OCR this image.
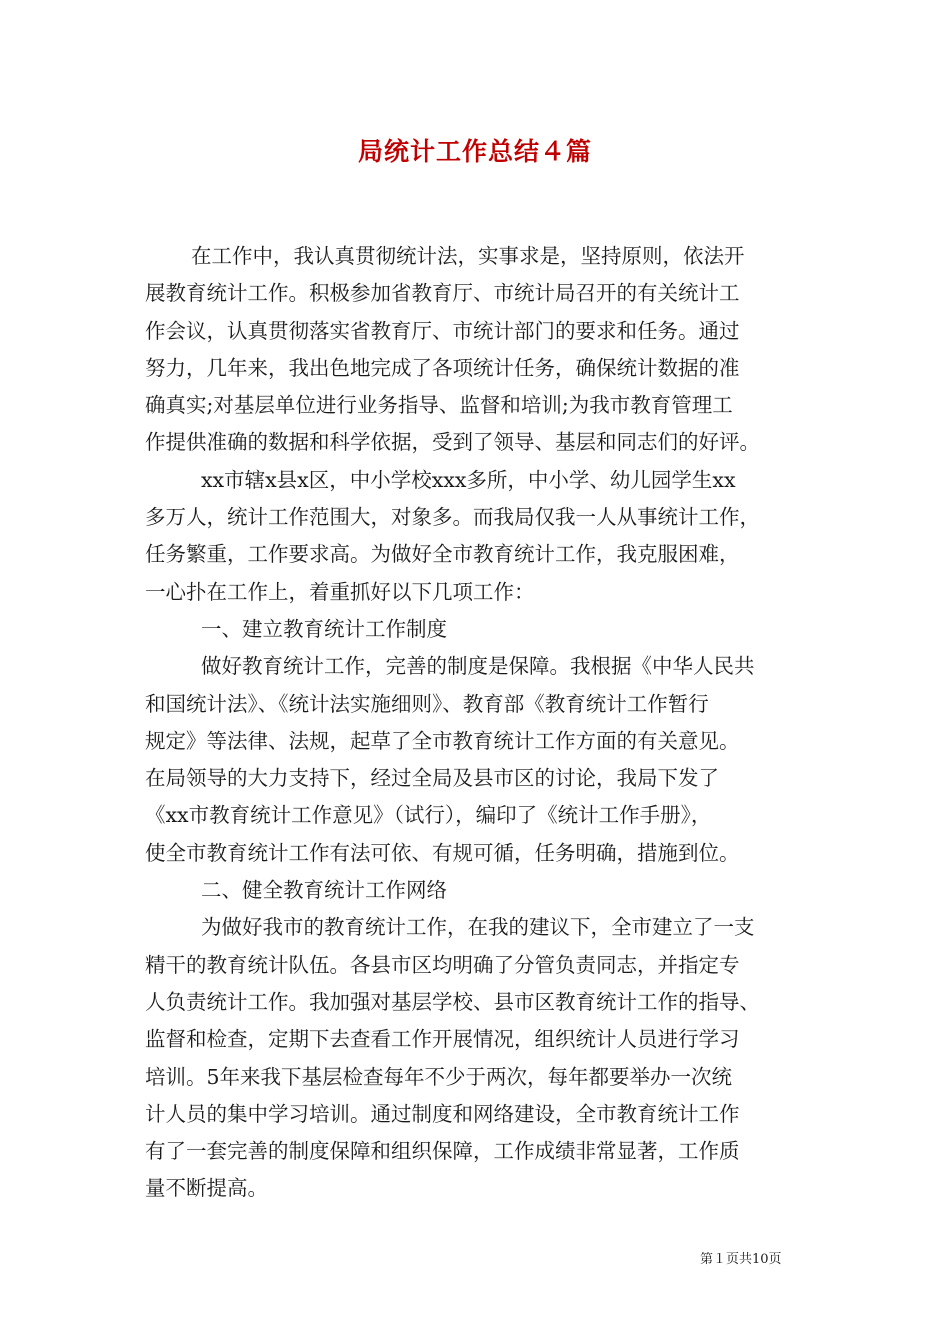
局统计工作总结４篇
在工作中，我认真贯彻统计法，实事求是，坚持原则，依法开
展教育统计工作。积极参加省教育厅、市统计局召开的有关统计工
作会议，认真贯彻落实省教育厅、市统计部门的要求和任务。通过
努力，几年来，我出色地完成了各项统计任务，确保统计数据的准
确真实;对基层单位进行业务指导、监督和培训;为我市教育管理工
作提供准确的数据和科学依据，受到了领导、基层和同志们的好评。
xx市辖x县x区，中小学校xxx多所，中小学、幼儿园学生xx
多万人，统计工作范围大，对象多。而我局仅我一人从事统计工作，
任务繁重，工作要求高。为做好全市教育统计工作，我克服困难，
一心扑在工作上，着重抓好以下几项工作：
一、建立教育统计工作制度
做好教育统计工作，完善的制度是保障。我根据《中华人民共
和国统计法》、《统计法实施细则》、教育部《教育统计工作暂行
规定》等法律、法规，起草了全市教育统计工作方面的有关意见。
在局领导的大力支持下，经过全局及县市区的讨论，我局下发了
《xx市教育统计工作意见》（试行），编印了《统计工作手册》，
使全市教育统计工作有法可依、有规可循，任务明确，措施到位。
二、健全教育统计工作网络
为做好我市的教育统计工作，在我的建议下，全市建立了一支
精干的教育统计队伍。各县市区均明确了分管负责同志，并指定专
人负责统计工作。我加强对基层学校、县市区教育统计工作的指导、
监督和检查，定期下去查看工作开展情况，组织统计人员进行学习
培训。5年来我下基层检查每年不少于两次，每年都要举办一次统
计人员的集中学习培训。通过制度和网络建设，全市教育统计工作
有了一套完善的制度保障和组织保障，工作成绩非常显著，工作质
量不断提高。
第１页共10页
